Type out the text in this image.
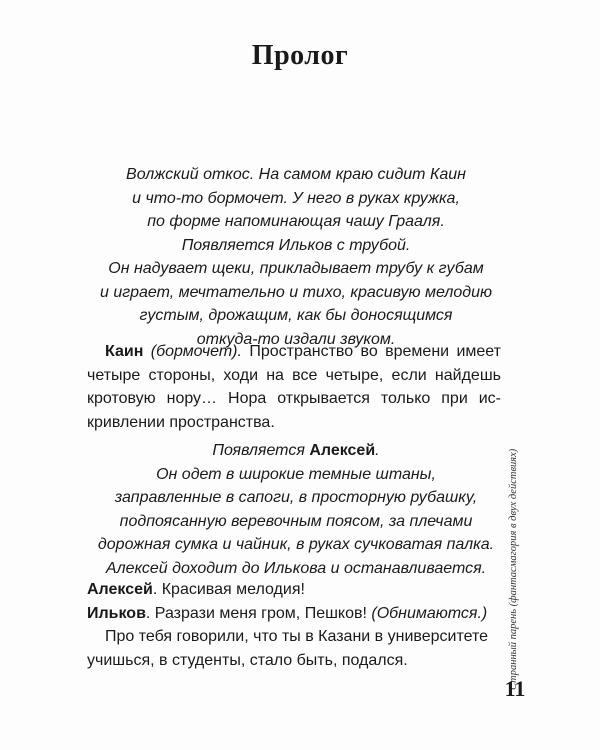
Пролог
Волжский откос. На самом краю сидит Каин
и что-то бормочет. У него в руках кружка,
по форме напоминающая чашу Грааля.
Появляется Ильков с трубой.
Он надувает щеки, прикладывает трубу к губам
и играет, мечтательно и тихо, красивую мелодию
густым, дрожащим, как бы доносящимся
откуда-то издали звуком.
Каин (бормочет). Пространство во времени имеет
четыре стороны, ходи на все четыре, если найдешь
кротовую нору… Нора открывается только при ис-
кривлении пространства.
Появляется Алексей.
Он одет в широкие темные штаны,
заправленные в сапоги, в просторную рубашку,
подпоясанную веревочным поясом, за плечами
дорожная сумка и чайник, в руках сучковатая палка.
Алексей доходит до Илькова и останавливается.
Алексей. Красивая мелодия!
Ильков. Разрази меня гром, Пешков! (Обнимаются.)
Про тебя говорили, что ты в Казани в университете
учишься, в студенты, стало быть, подался.	Странный парень (фантасмагория в двух действиях)
11
